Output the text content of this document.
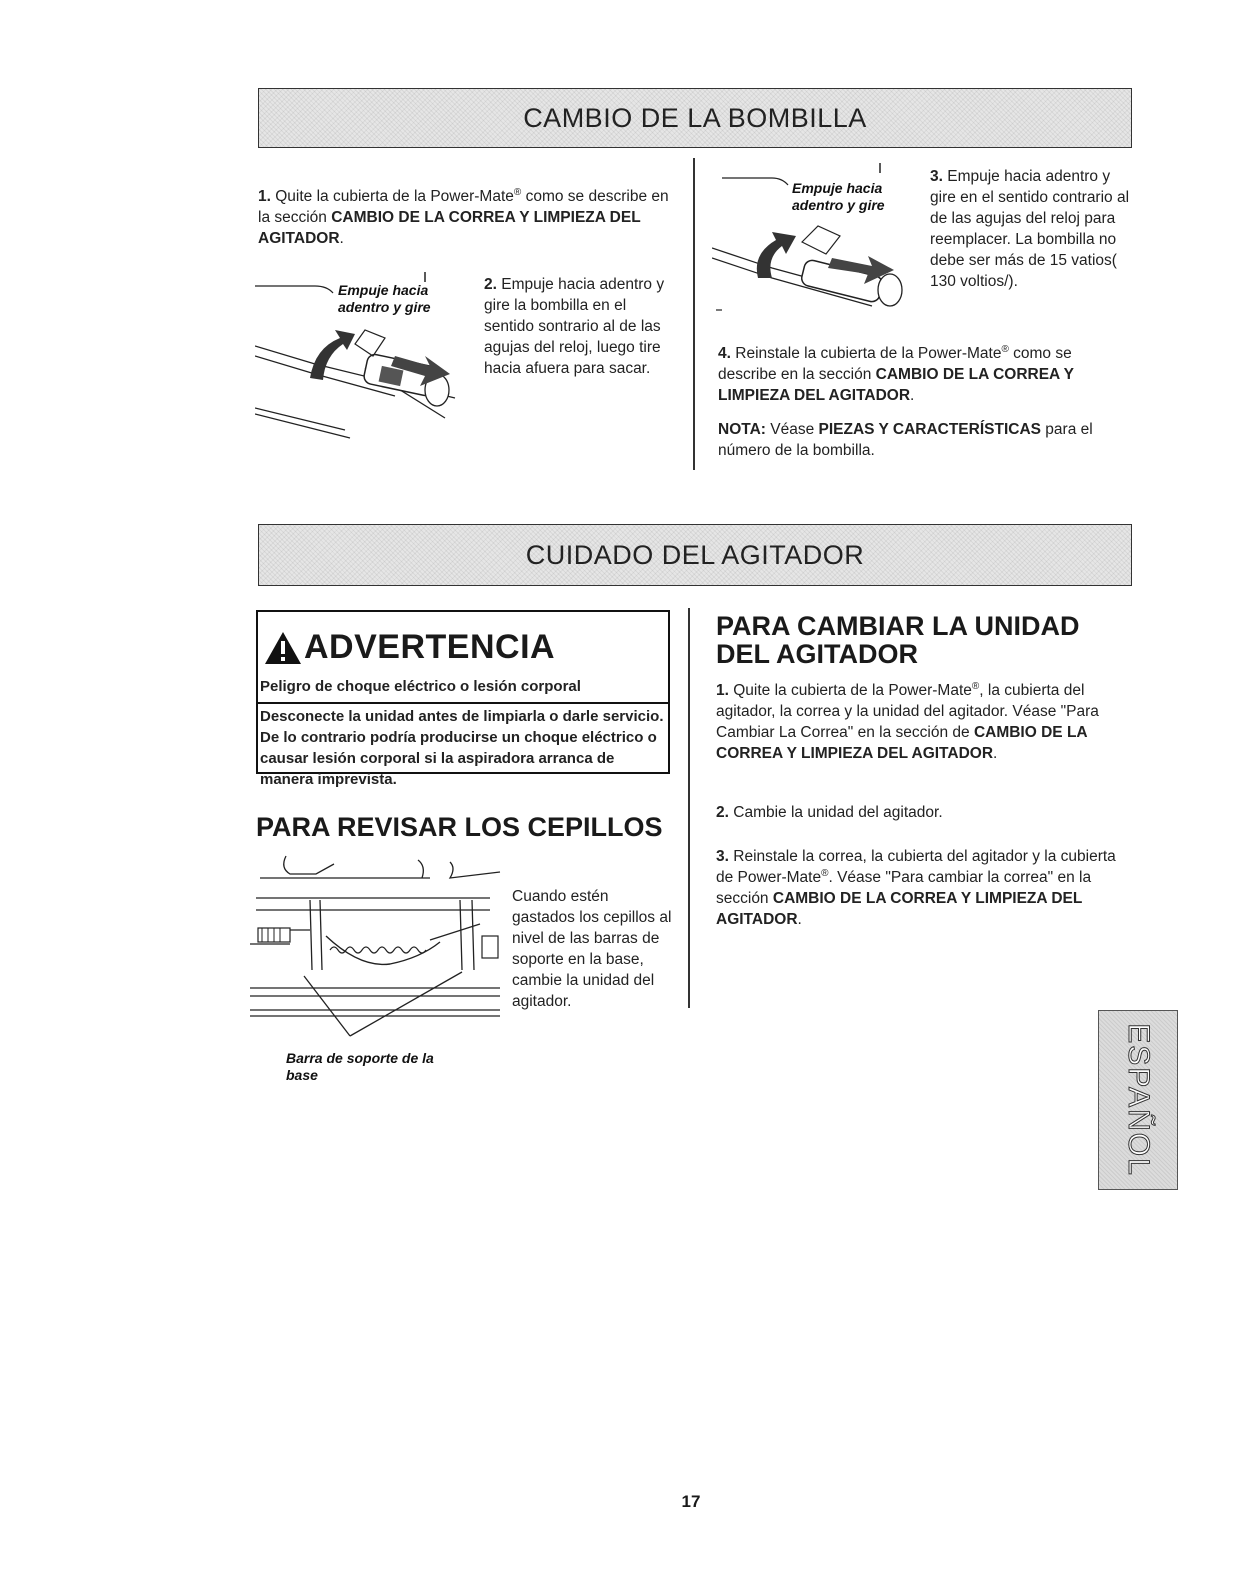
CAMBIO DE LA BOMBILLA
1. Quite la cubierta de la Power-Mate® como se describe en la sección CAMBIO DE LA CORREA Y LIMPIEZA DEL AGITADOR.
Empuje hacia adentro y gire
2. Empuje hacia adentro y gire la bombilla en el sentido sontrario al de las agujas del reloj, luego tire hacia afuera para sacar.
Empuje hacia adentro y gire
3. Empuje hacia adentro y gire en el sentido contrario al de las agujas del reloj para reemplacer. La bombilla no debe ser más de 15 vatios( 130 voltios/).
4. Reinstale la cubierta de la Power-Mate® como se describe en la sección CAMBIO DE LA CORREA Y LIMPIEZA DEL AGITADOR.
NOTA: Véase PIEZAS Y CARACTERÍSTICAS para el número de la bombilla.
CUIDADO DEL AGITADOR
ADVERTENCIA
Peligro de choque eléctrico o lesión corporal
Desconecte la unidad antes de limpiarla o darle servicio. De lo contrario podría producirse un choque eléctrico o causar lesión corporal si la aspiradora arranca de manera imprevista.
PARA REVISAR LOS CEPILLOS
Barra de soporte de la base
Cuando estén gastados los cepillos al nivel de las barras de soporte en la base, cambie la unidad del agitador.
PARA CAMBIAR LA UNIDAD DEL AGITADOR
1. Quite la cubierta de la Power-Mate®, la cubierta del agitador, la correa y la unidad del agitador. Véase "Para Cambiar La Correa" en la sección de CAMBIO DE LA CORREA Y LIMPIEZA DEL AGITADOR.
2. Cambie la unidad del agitador.
3. Reinstale la correa, la cubierta del agitador y la cubierta de Power-Mate®. Véase "Para cambiar la correa" en la sección CAMBIO DE LA CORREA Y LIMPIEZA DEL AGITADOR.
ESPAÑOL
17
